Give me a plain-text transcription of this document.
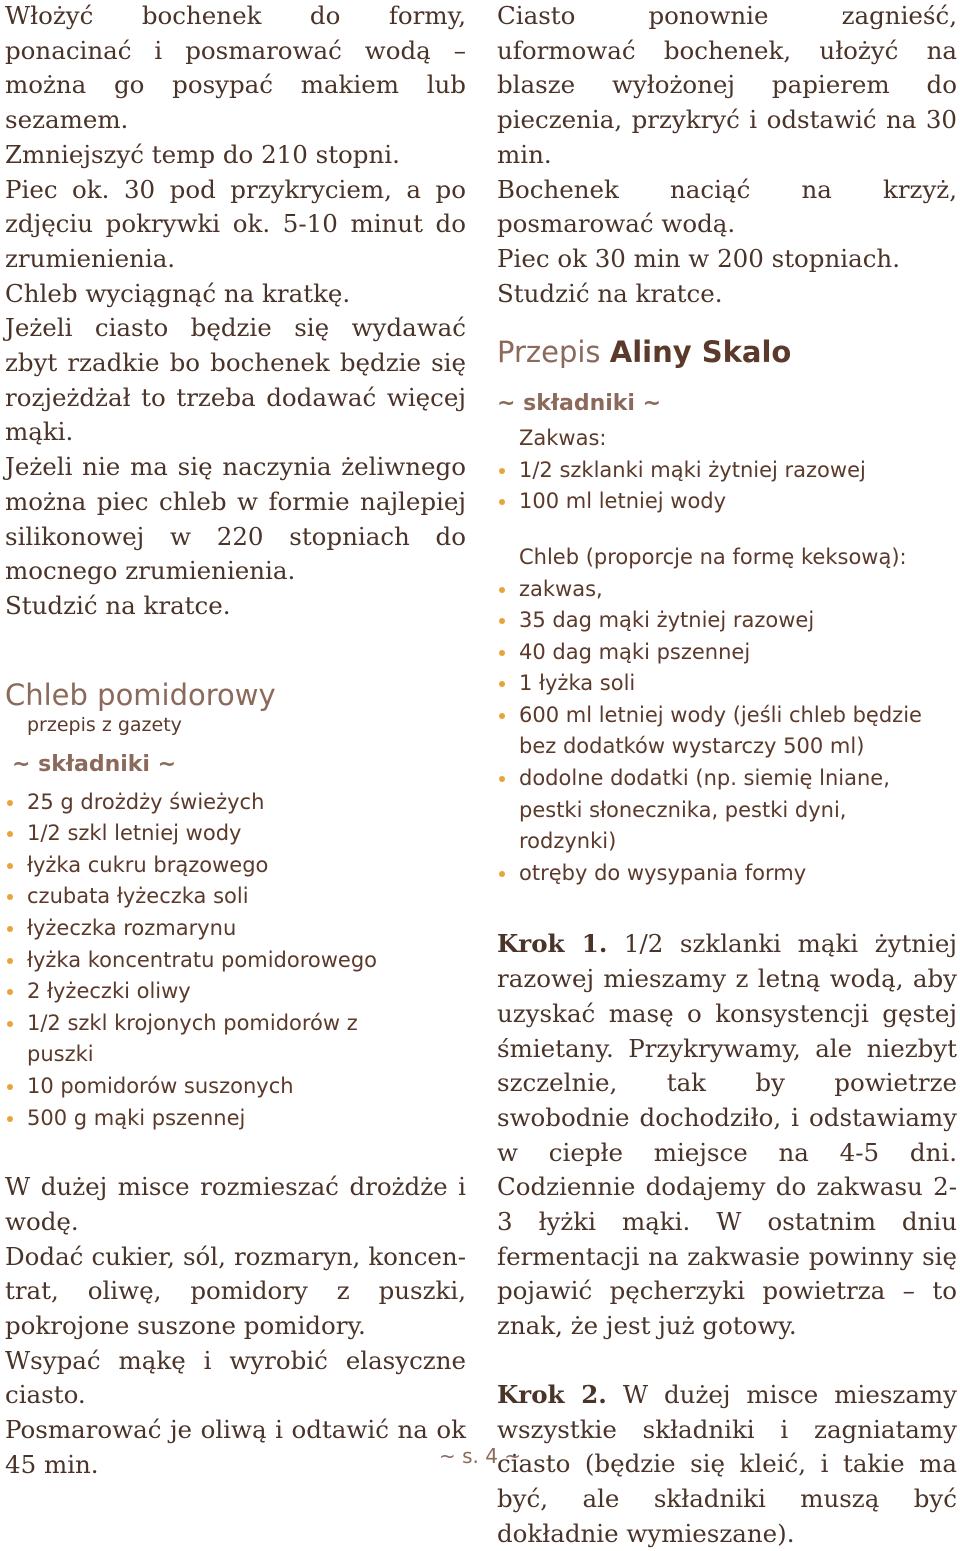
Włożyć bochenek do formy, ponacinać i posmarować wodą – można go posypać makiem lub sezamem.

Zmniejszyć temp do 210 stopni.

Piec ok. 30 pod przykryciem, a po zdjęciu pokrywki ok. 5-10 minut do zrumienienia.

Chleb wyciągnąć na kratkę.

Jeżeli ciasto będzie się wydawać zbyt rzadkie bo bochenek będzie się rozjeżdżał to trzeba dodawać więcej mąki.

Jeżeli nie ma się naczynia żeliwnego można piec chleb w formie najlepiej silikonowej w 220 stopniach do mocnego zrumienienia.

Studzić na kratce.

Chleb pomidorowy

przepis z gazety

~ składniki ~

25 g drożdży świeżych
1/2 szkl letniej wody
łyżka cukru brązowego
czubata łyżeczka soli
łyżeczka rozmarynu
łyżka koncentratu pomidorowego
2 łyżeczki oliwy
1/2 szkl krojonych pomidorów z puszki
10 pomidorów suszonych
500 g mąki pszennej

W dużej misce rozmieszać drożdże i wodę.

Dodać cukier, sól, rozmaryn, koncentrat, oliwę, pomidory z puszki, pokrojone suszone pomidory.

Wsypać mąkę i wyrobić elasyczne ciasto.

Posmarować je oliwą i odtawić na ok 45 min.

Ciasto ponownie zagnieść, uformować bochenek, ułożyć na blasze wyłożonej papierem do pieczenia, przykryć i odstawić na 30 min.

Bochenek naciąć na krzyż, posmarować wodą.

Piec ok 30 min w 200 stopniach.

Studzić na kratce.

Przepis Aliny Skalo

~ składniki ~

Zakwas:

1/2 szklanki mąki żytniej razowej
100 ml letniej wody

Chleb (proporcje na formę keksową):

zakwas,
35 dag mąki żytniej razowej
40 dag mąki pszennej
1 łyżka soli
600 ml letniej wody (jeśli chleb będzie bez dodatków wystarczy 500 ml)
dodolne dodatki (np. siemię lniane, pestki słonecznika, pestki dyni, rodzynki)
otręby do wysypania formy

Krok 1. 1/2 szklanki mąki żytniej razowej mieszamy z letną wodą, aby uzyskać masę o konsystencji gęstej śmietany. Przykrywamy, ale niezbyt szczelnie, tak by powietrze swobodnie dochodziło, i odstawiamy w ciepłe miejsce na 4-5 dni. Codziennie dodajemy do zakwasu 2-3 łyżki mąki. W ostatnim dniu fermentacji na zakwasie powinny się pojawić pęcherzyki powietrza – to znak, że jest już gotowy.

Krok 2. W dużej misce mieszamy wszystkie składniki i zagniatamy ciasto (będzie się kleić, i takie ma być, ale składniki muszą być dokładnie wymieszane).

~ s. 4 ~
